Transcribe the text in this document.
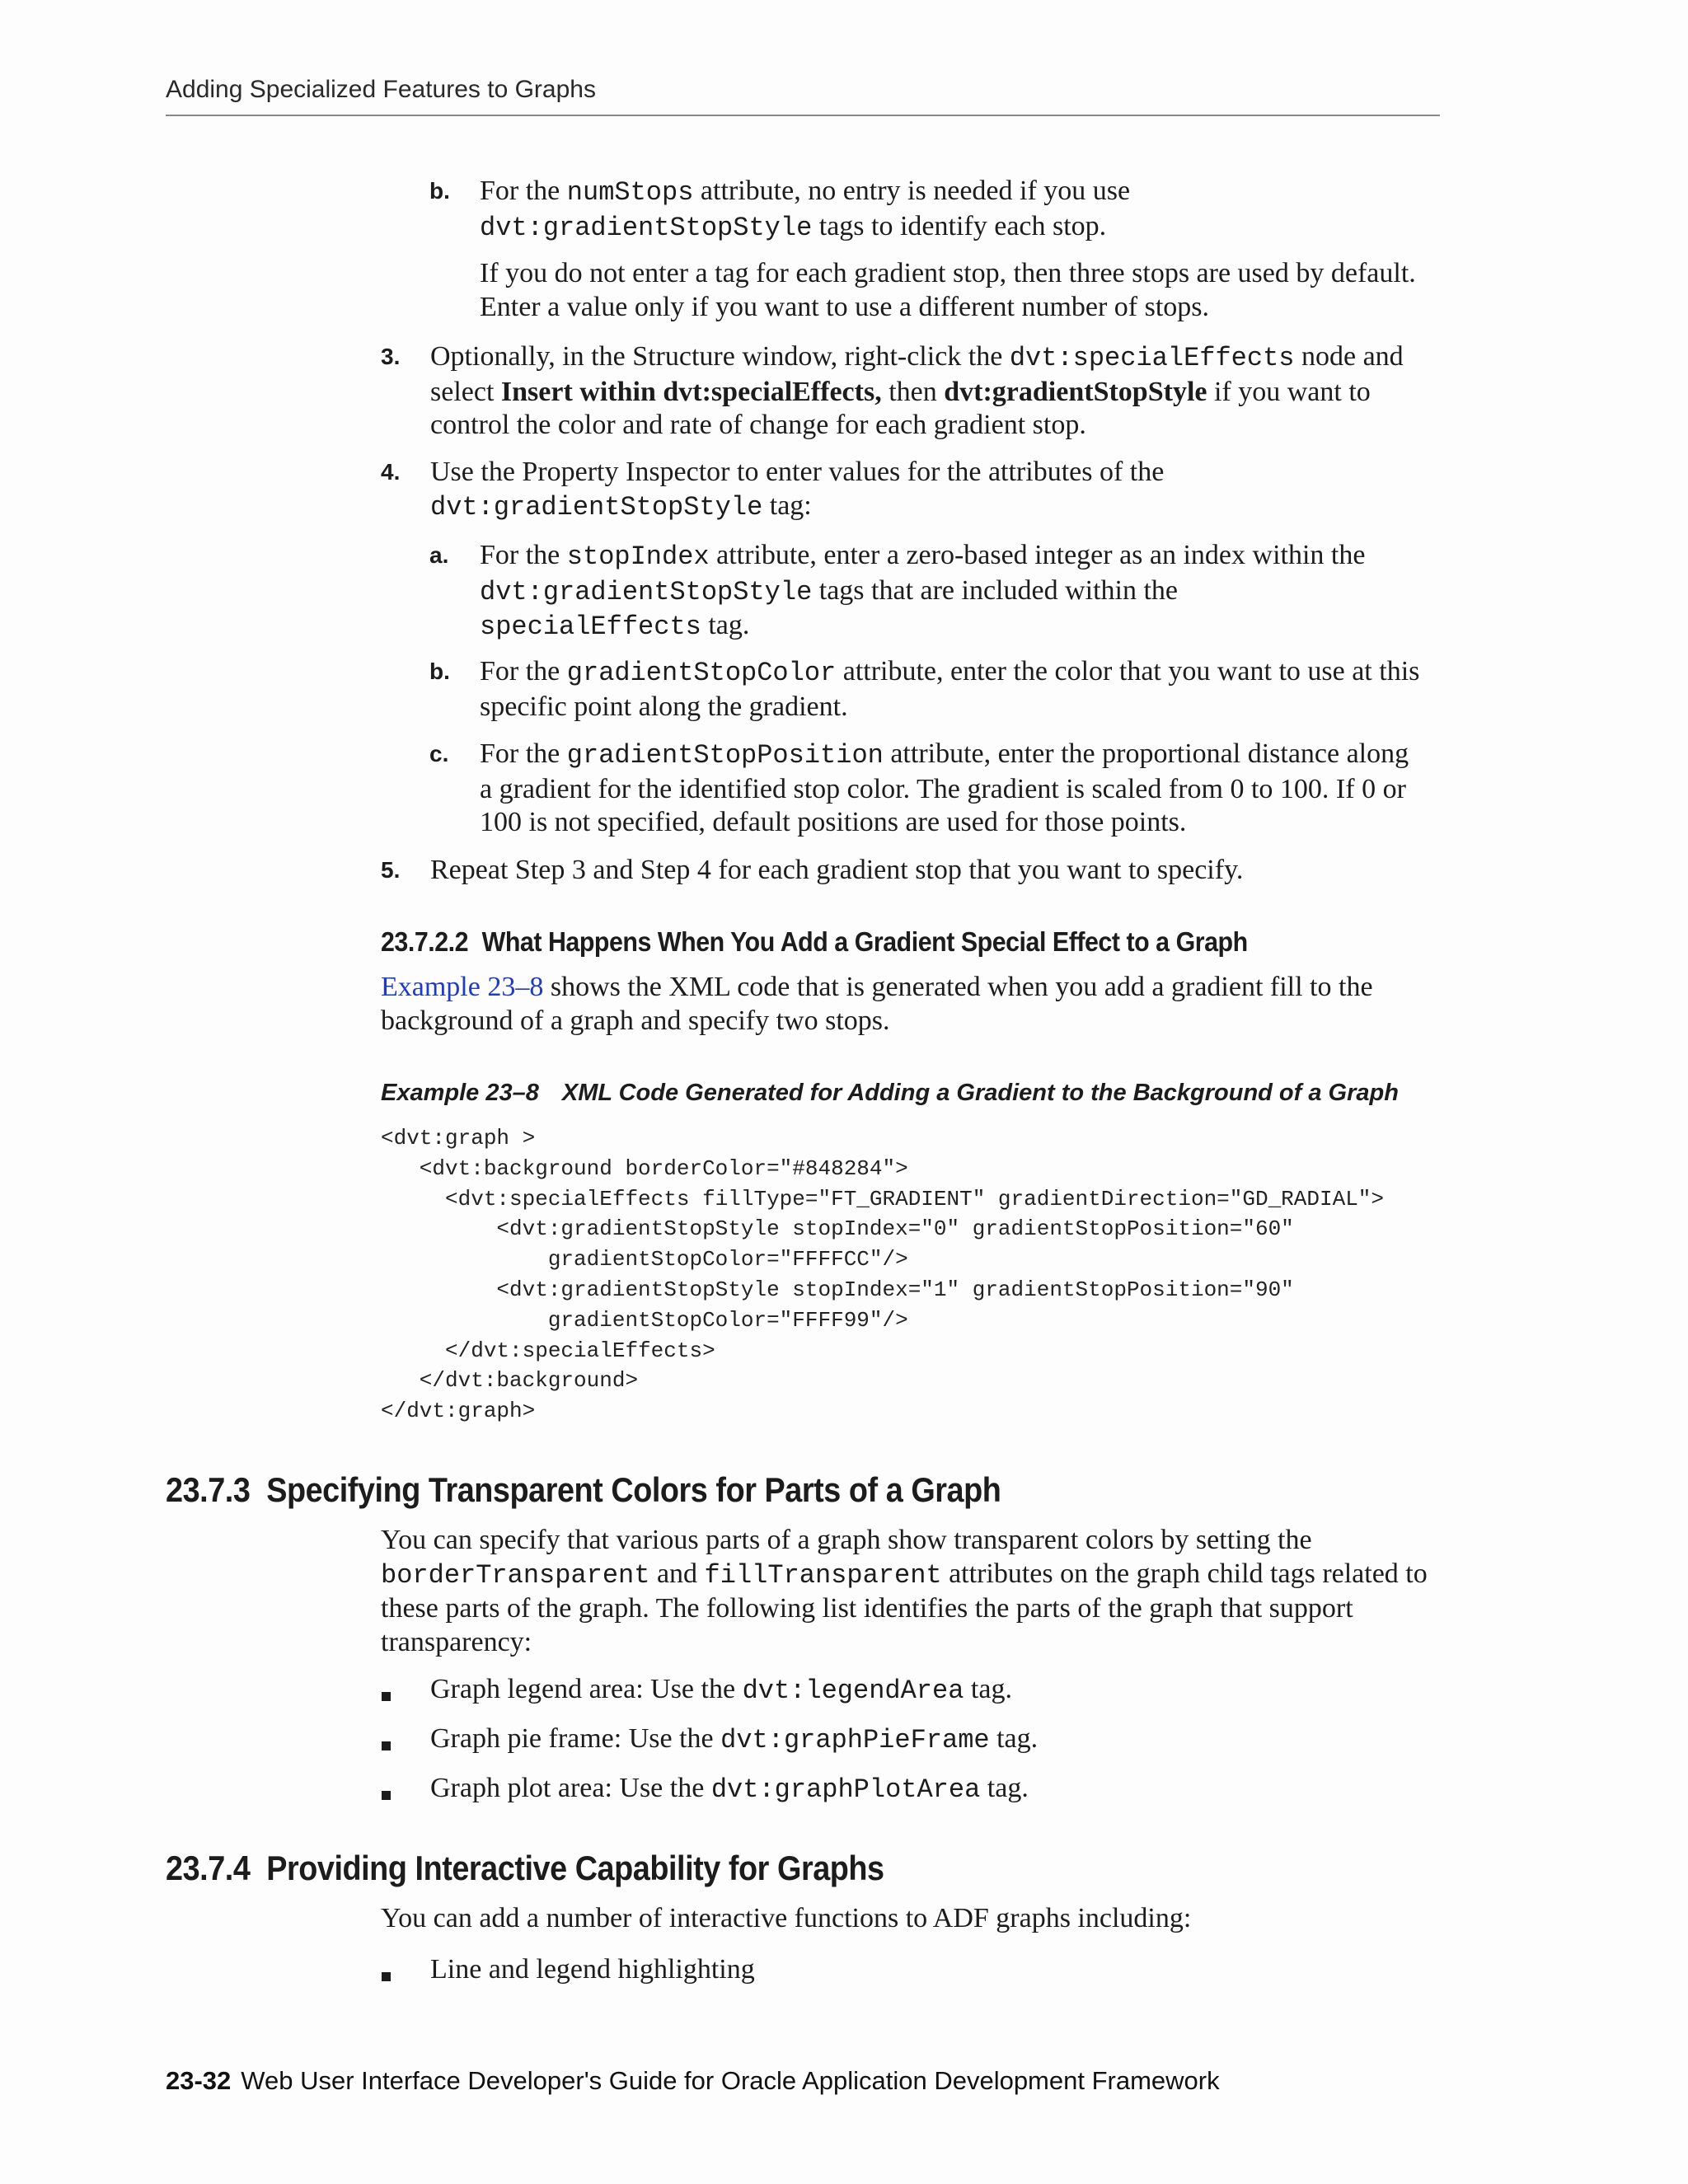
Adding Specialized Features to Graphs
b. For the numStops attribute, no entry is needed if you use
dvt:gradientStopStyle tags to identify each stop.

If you do not enter a tag for each gradient stop, then three stops are used by default. Enter a value only if you want to use a different number of stops.

3. Optionally, in the Structure window, right-click the dvt:specialEffects node and select Insert within dvt:specialEffects, then dvt:gradientStopStyle if you want to control the color and rate of change for each gradient stop.

4. Use the Property Inspector to enter values for the attributes of the
dvt:gradientStopStyle tag:

a. For the stopIndex attribute, enter a zero-based integer as an index within the
dvt:gradientStopStyle tags that are included within the
specialEffects tag.

b. For the gradientStopColor attribute, enter the color that you want to use at this specific point along the gradient.

c. For the gradientStopPosition attribute, enter the proportional distance along a gradient for the identified stop color. The gradient is scaled from 0 to 100. If 0 or 100 is not specified, default positions are used for those points.

5. Repeat Step 3 and Step 4 for each gradient stop that you want to specify.

23.7.2.2 What Happens When You Add a Gradient Special Effect to a Graph

Example 23–8 shows the XML code that is generated when you add a gradient fill to the background of a graph and specify two stops.

Example 23–8 XML Code Generated for Adding a Gradient to the Background of a Graph
<dvt:graph >
<dvt:background borderColor="#848284">
<dvt:specialEffects fillType="FT_GRADIENT" gradientDirection="GD_RADIAL">
<dvt:gradientStopStyle stopIndex="0" gradientStopPosition="60"
gradientStopColor="FFFFCC"/>
<dvt:gradientStopStyle stopIndex="1" gradientStopPosition="90"
gradientStopColor="FFFF99"/>
</dvt:specialEffects>
</dvt:background>
</dvt:graph>
23.7.3 Specifying Transparent Colors for Parts of a Graph

You can specify that various parts of a graph show transparent colors by setting the
borderTransparent and fillTransparent attributes on the graph child tags related to these parts of the graph. The following list identifies the parts of the graph that support transparency:

Graph legend area: Use the dvt:legendArea tag.

Graph pie frame: Use the dvt:graphPieFrame tag.

Graph plot area: Use the dvt:graphPlotArea tag.

23.7.4 Providing Interactive Capability for Graphs

You can add a number of interactive functions to ADF graphs including:

Line and legend highlighting

23-32 Web User Interface Developer's Guide for Oracle Application Development Framework
